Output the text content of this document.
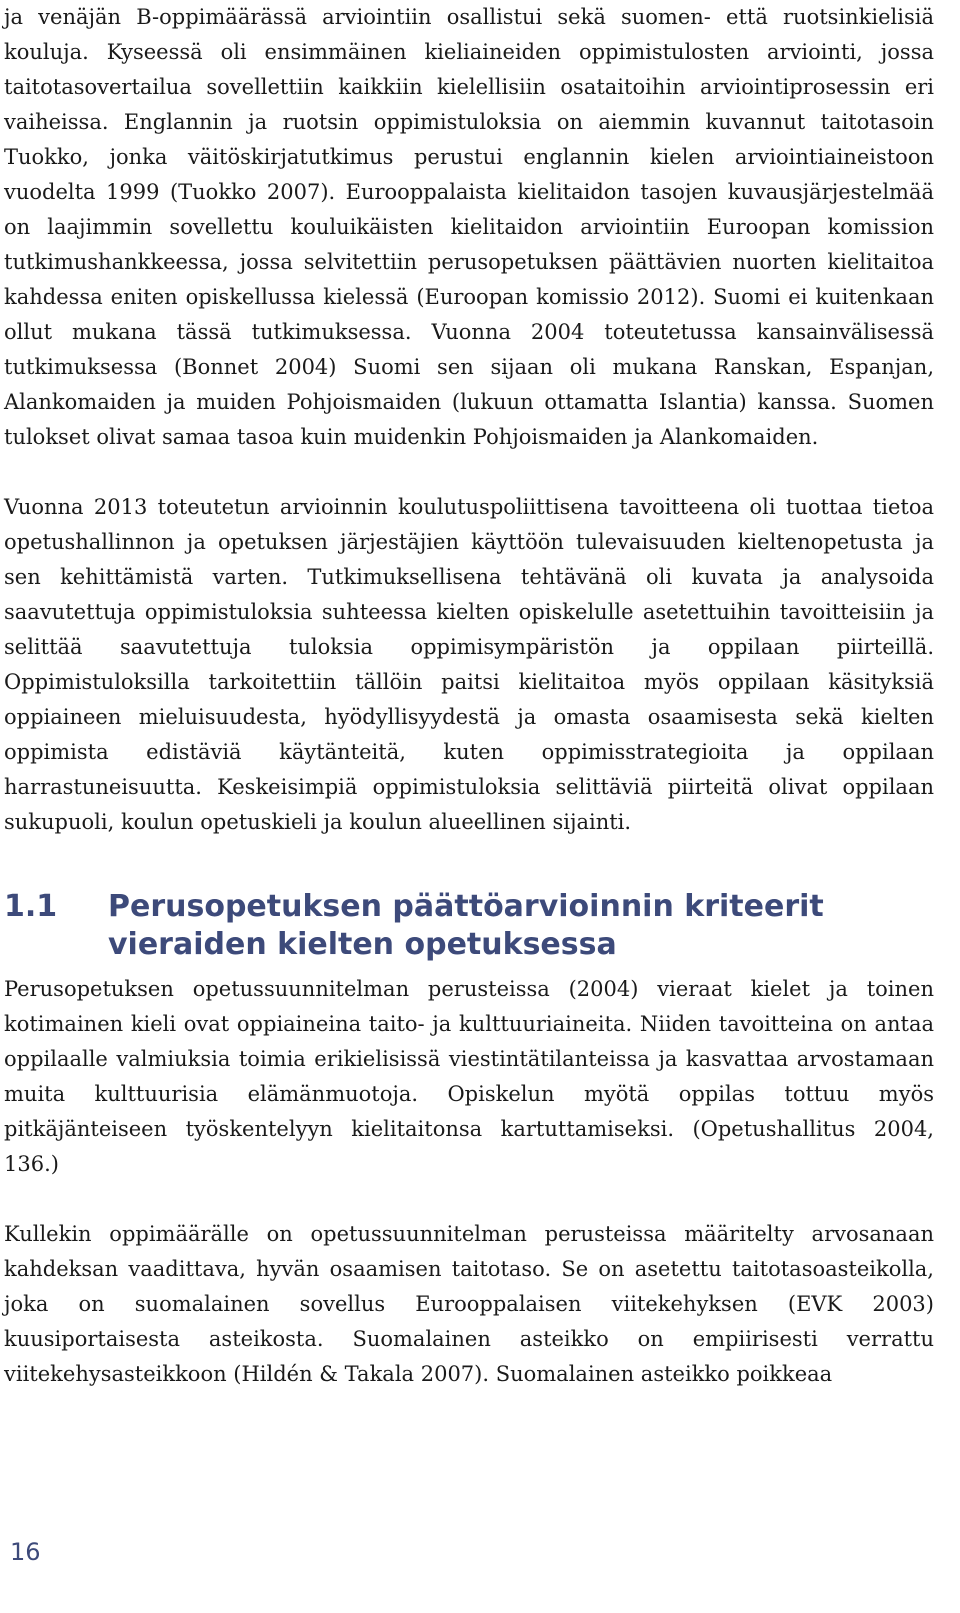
ja venäjän B-oppimäärässä arviointiin osallistui sekä suomen- että ruotsinkielisiä kouluja. Kyseessä oli ensimmäinen kieliaineiden oppimistulosten arviointi, jossa taitotasovertailua sovellettiin kaikkiin kielellisiin osataitoihin arviointiprosessin eri vaiheissa. Englannin ja ruotsin oppimistuloksia on aiemmin kuvannut taitotasoin Tuokko, jonka väitöskirjatutkimus perustui englannin kielen arviointiaineistoon vuodelta 1999 (Tuokko 2007). Eurooppalaista kielitaidon tasojen kuvausjärjestelmää on laajimmin sovellettu kouluikäisten kielitaidon arviointiin Euroopan komission tutkimushankkeessa, jossa selvitettiin perusopetuksen päättävien nuorten kielitaitoa kahdessa eniten opiskellussa kielessä (Euroopan komissio 2012). Suomi ei kuitenkaan ollut mukana tässä tutkimuksessa. Vuonna 2004 toteutetussa kansainvälisessä tutkimuksessa (Bonnet 2004) Suomi sen sijaan oli mukana Ranskan, Espanjan, Alankomaiden ja muiden Pohjoismaiden (lukuun ottamatta Islantia) kanssa. Suomen tulokset olivat samaa tasoa kuin muidenkin Pohjoismaiden ja Alankomaiden.

Vuonna 2013 toteutetun arvioinnin koulutuspoliittisena tavoitteena oli tuottaa tietoa opetushallinnon ja opetuksen järjestäjien käyttöön tulevaisuuden kieltenopetusta ja sen kehittämistä varten. Tutkimuksellisena tehtävänä oli kuvata ja analysoida saavutettuja oppimistuloksia suhteessa kielten opiskelulle asetettuihin tavoitteisiin ja selittää saavutettuja tuloksia oppimisympäristön ja oppilaan piirteillä. Oppimistuloksilla tarkoitettiin tällöin paitsi kielitaitoa myös oppilaan käsityksiä oppiaineen mieluisuudesta, hyödyllisyydestä ja omasta osaamisesta sekä kielten oppimista edistäviä käytänteitä, kuten oppimisstrategioita ja oppilaan harrastuneisuutta. Keskeisimpiä oppimistuloksia selittäviä piirteitä olivat oppilaan sukupuoli, koulun opetuskieli ja koulun alueellinen sijainti.

1.1	Perusopetuksen päättöarvioinnin kriteerit vieraiden kielten opetuksessa

Perusopetuksen opetussuunnitelman perusteissa (2004) vieraat kielet ja toinen kotimainen kieli ovat oppiaineina taito- ja kulttuuriaineita. Niiden tavoitteina on antaa oppilaalle valmiuksia toimia erikielisissä viestintätilanteissa ja kasvattaa arvostamaan muita kulttuurisia elämänmuotoja. Opiskelun myötä oppilas tottuu myös pitkäjänteiseen työskentelyyn kielitaitonsa kartuttamiseksi. (Opetushallitus 2004, 136.)

Kullekin oppimäärälle on opetussuunnitelman perusteissa määritelty arvosanaan kahdeksan vaadittava, hyvän osaamisen taitotaso. Se on asetettu taitotasoasteikolla, joka on suomalainen sovellus Eurooppalaisen viitekehyksen (EVK 2003) kuusiportaisesta asteikosta. Suomalainen asteikko on empiirisesti verrattu viitekehysasteikkoon (Hildén & Takala 2007). Suomalainen asteikko poikkeaa

16
